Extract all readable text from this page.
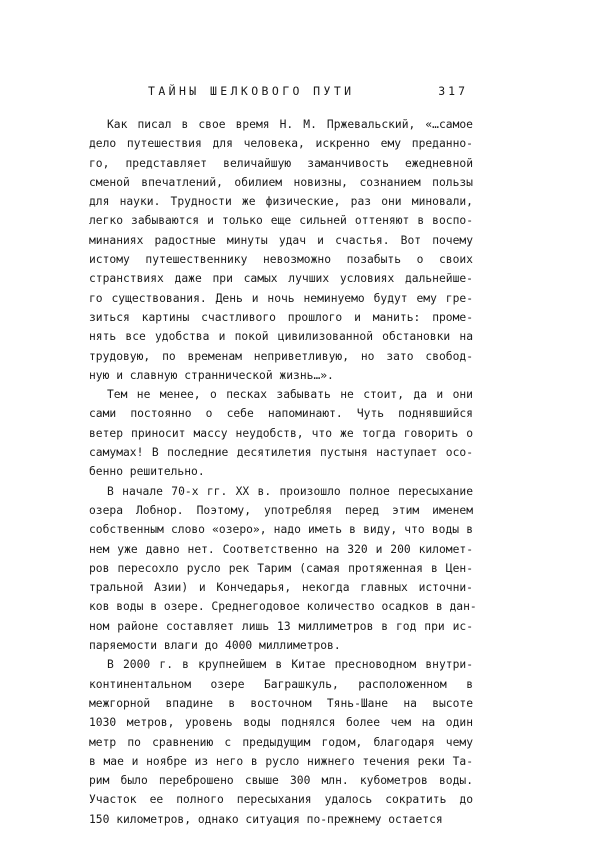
ТАЙНЫ ШЕЛКОВОГО ПУТИ	317
Как писал в свое время Н. М. Пржевальский, «…самое
дело путешествия для человека, искренно ему преданно-
го, представляет величайшую заманчивость ежедневной
сменой впечатлений, обилием новизны, сознанием пользы
для науки. Трудности же физические, раз они миновали,
легко забываются и только еще сильней оттеняют в воспо-
минаниях радостные минуты удач и счастья. Вот почему
истому путешественнику невозможно позабыть о своих
странствиях даже при самых лучших условиях дальнейше-
го существования. День и ночь неминуемо будут ему гре-
зиться картины счастливого прошлого и манить: проме-
нять все удобства и покой цивилизованной обстановки на
трудовую, по временам неприветливую, но зато свобод-
ную и славную страннической жизнь…».
Тем не менее, о песках забывать не стоит, да и они
сами постоянно о себе напоминают. Чуть поднявшийся
ветер приносит массу неудобств, что же тогда говорить о
самумах! В последние десятилетия пустыня наступает осо-
бенно решительно.
В начале 70-х гг. XX в. произошло полное пересыхание
озера Лобнор. Поэтому, употребляя перед этим именем
собственным слово «озеро», надо иметь в виду, что воды в
нем уже давно нет. Соответственно на 320 и 200 километ-
ров пересохло русло рек Тарим (самая протяженная в Цен-
тральной Азии) и Кончедарья, некогда главных источни-
ков воды в озере. Среднегодовое количество осадков в дан-
ном районе составляет лишь 13 миллиметров в год при ис-
паряемости влаги до 4000 миллиметров.
В 2000 г. в крупнейшем в Китае пресноводном внутри-
континентальном озере Баграшкуль, расположенном в
межгорной впадине в восточном Тянь-Шане на высоте
1030 метров, уровень воды поднялся более чем на один
метр по сравнению с предыдущим годом, благодаря чему
в мае и ноябре из него в русло нижнего течения реки Та-
рим было переброшено свыше 300 млн. кубометров воды.
Участок ее полного пересыхания удалось сократить до
150 километров, однако ситуация по-прежнему остается
